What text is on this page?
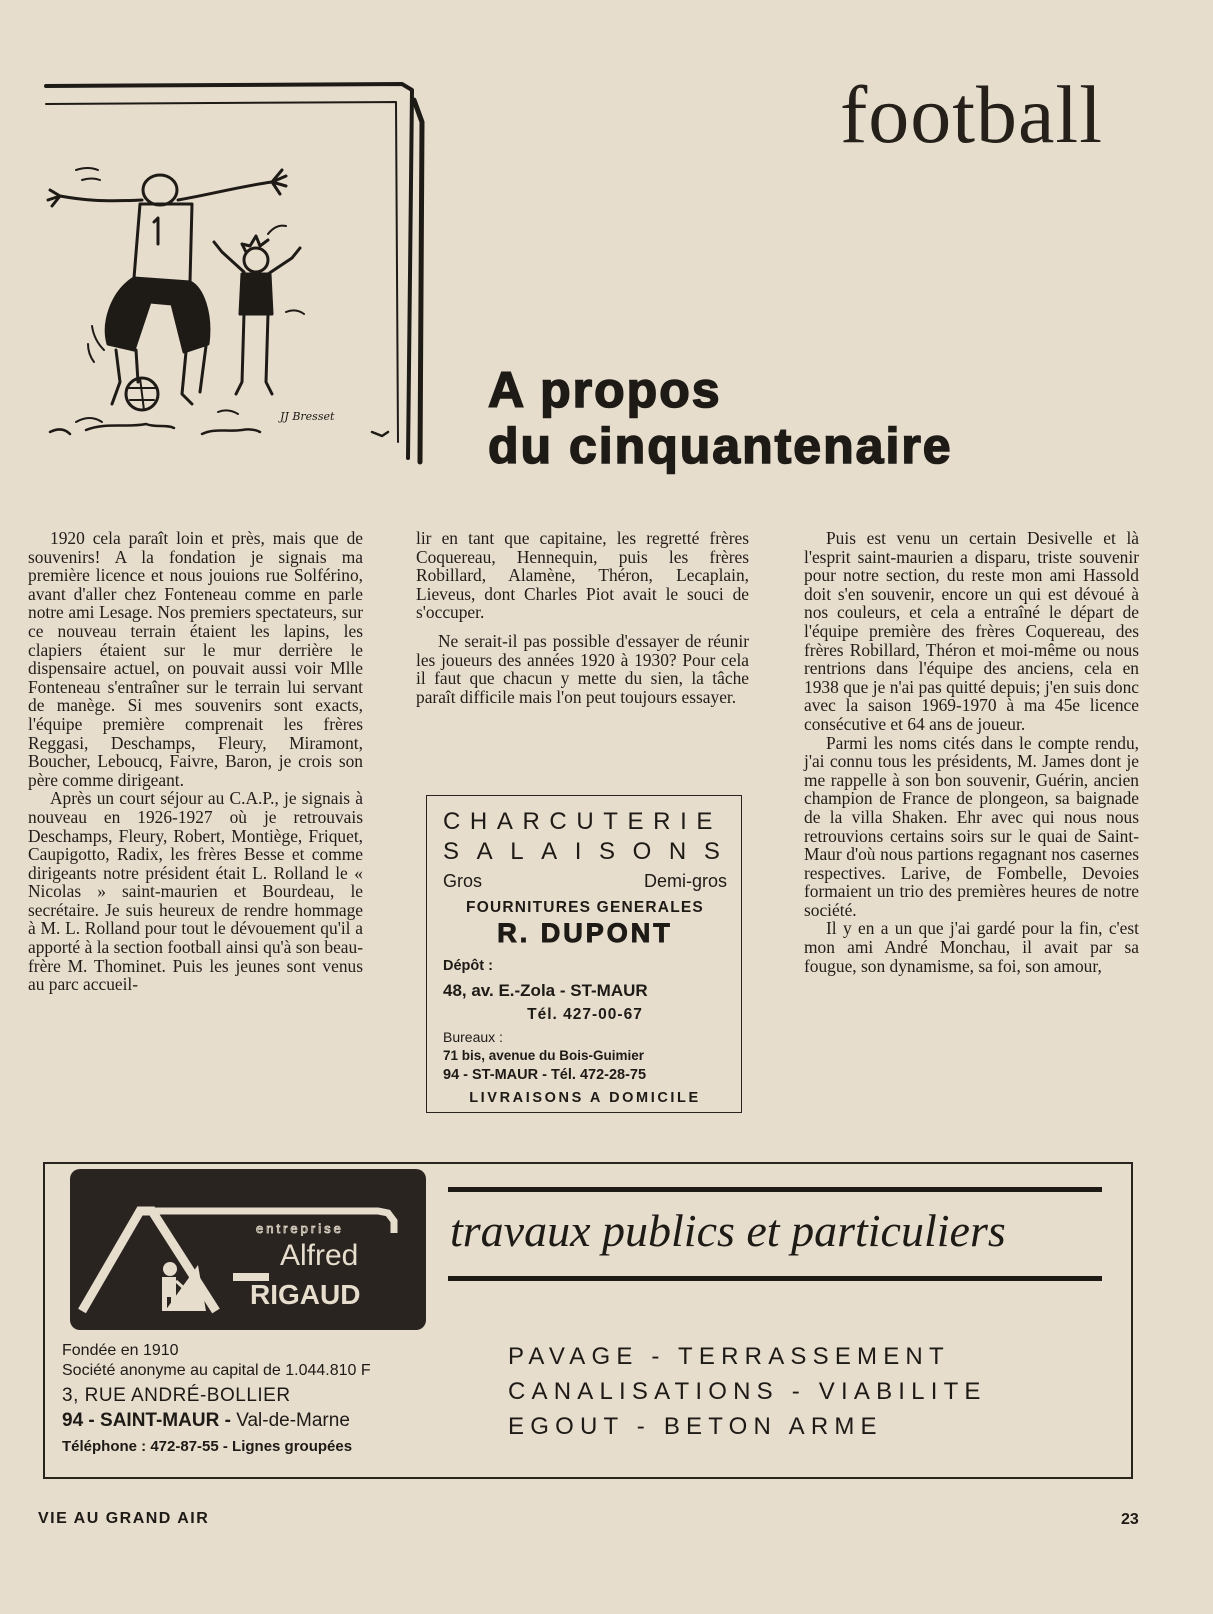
JJ Bresset
football
A propos
du cinquantenaire

1920 cela paraît loin et près, mais que de souvenirs! A la fondation je signais ma première licence et nous jouions rue Solférino, avant d'aller chez Fonteneau comme en parle notre ami Lesage. Nos premiers spectateurs, sur ce nouveau terrain étaient les lapins, les clapiers étaient sur le mur derrière le dispensaire actuel, on pouvait aussi voir Mlle Fonteneau s'entraîner sur le terrain lui servant de manège. Si mes souvenirs sont exacts, l'équipe première comprenait les frères Reggasi, Deschamps, Fleury, Miramont, Boucher, Leboucq, Faivre, Baron, je crois son père comme dirigeant.

Après un court séjour au C.A.P., je signais à nouveau en 1926-1927 où je retrouvais Deschamps, Fleury, Robert, Montiège, Friquet, Caupigotto, Radix, les frères Besse et comme dirigeants notre président était L. Rolland le « Nicolas » saint-maurien et Bourdeau, le secrétaire. Je suis heureux de rendre hommage à M. L. Rolland pour tout le dévouement qu'il a apporté à la section football ainsi qu'à son beau-frère M. Thominet. Puis les jeunes sont venus au parc accueil-

lir en tant que capitaine, les regretté frères Coquereau, Hennequin, puis les frères Robillard, Alamène, Théron, Lecaplain, Lieveus, dont Charles Piot avait le souci de s'occuper.

Ne serait-il pas possible d'essayer de réunir les joueurs des années 1920 à 1930? Pour cela il faut que chacun y mette du sien, la tâche paraît difficile mais l'on peut toujours essayer.

Puis est venu un certain Desivelle et là l'esprit saint-maurien a disparu, triste souvenir pour notre section, du reste mon ami Hassold doit s'en souvenir, encore un qui est dévoué à nos couleurs, et cela a entraîné le départ de l'équipe première des frères Coquereau, des frères Robillard, Théron et moi-même ou nous rentrions dans l'équipe des anciens, cela en 1938 que je n'ai pas quitté depuis; j'en suis donc avec la saison 1969-1970 à ma 45e licence consécutive et 64 ans de joueur.

Parmi les noms cités dans le compte rendu, j'ai connu tous les présidents, M. James dont je me rappelle à son bon souvenir, Guérin, ancien champion de France de plongeon, sa baignade de la villa Shaken. Ehr avec qui nous nous retrouvions certains soirs sur le quai de Saint-Maur d'où nous partions regagnant nos casernes respectives. Larive, de Fombelle, Devoies formaient un trio des premières heures de notre société.

Il y en a un que j'ai gardé pour la fin, c'est mon ami André Monchau, il avait par sa fougue, son dynamisme, sa foi, son amour,

CHARCUTERIE
SALAISONS
Gros	Demi-gros
FOURNITURES GENERALES
R. DUPONT
Dépôt :
48, av. E.-Zola - ST-MAUR
Tél. 427-00-67
Bureaux :
71 bis, avenue du Bois-Guimier
94 - ST-MAUR - Tél. 472-28-75
LIVRAISONS A DOMICILE
entreprise
Alfred
RIGAUD
travaux publics et particuliers
Fondée en 1910
Société anonyme au capital de 1.044.810 F
3, RUE ANDRÉ-BOLLIER
94 - SAINT-MAUR - Val-de-Marne
Téléphone : 472-87-55 - Lignes groupées
PAVAGE - TERRASSEMENT
CANALISATIONS - VIABILITE
EGOUT - BETON ARME
VIE AU GRAND AIR	23
